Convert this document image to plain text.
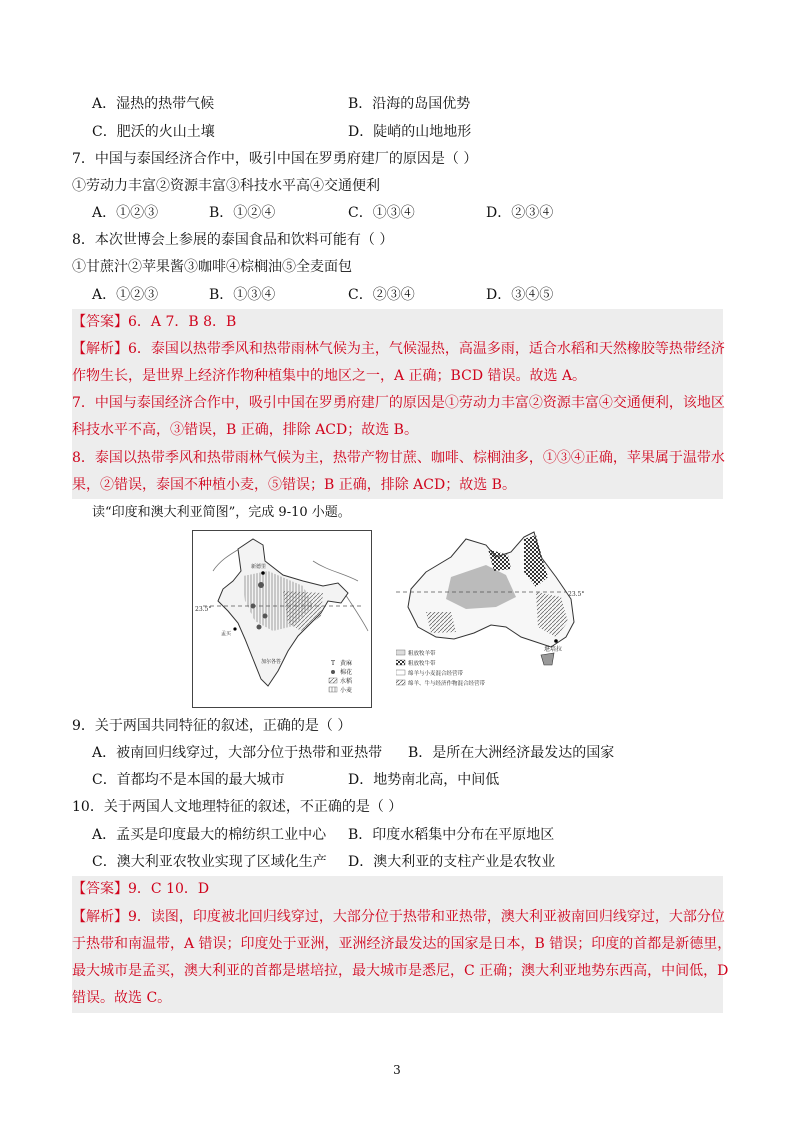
A．湿热的热带气候	B．沿海的岛国优势
C．肥沃的火山土壤	D．陡峭的山地地形
7．中国与泰国经济合作中，吸引中国在罗勇府建厂的原因是（ ）
①劳动力丰富②资源丰富③科技水平高④交通便利
A．①②③	B．①②④	C．①③④	D．②③④
8．本次世博会上参展的泰国食品和饮料可能有（ ）
①甘蔗汁②苹果酱③咖啡④棕榈油⑤全麦面包
A．①②③	B．①③④	C．②③④	D．③④⑤
【答案】6．A 7．B 8．B
【解析】6．泰国以热带季风和热带雨林气候为主，气候湿热，高温多雨，适合水稻和天然橡胶等热带经济
作物生长，是世界上经济作物种植集中的地区之一，A 正确；BCD 错误。故选 A。
7．中国与泰国经济合作中，吸引中国在罗勇府建厂的原因是①劳动力丰富②资源丰富④交通便利，该地区
科技水平不高，③错误，B 正确，排除 ACD；故选 B。
8．泰国以热带季风和热带雨林气候为主，热带产物甘蔗、咖啡、棕榈油多，①③④正确，苹果属于温带水
果，②错误，泰国不种植小麦，⑤错误；B 正确，排除 ACD；故选 B。
读“印度和澳大利亚简图”，完成 9-10 小题。
23.5°
新德里
孟买
加尔各答	T 黄麻
棉花
水稻
小麦
23.5°
堪培拉
粗放牧羊带
粗放牧牛带
绵羊与小麦混合经营带
绵羊、牛与经济作物混合经营带
9．关于两国共同特征的叙述，正确的是（ ）
A．被南回归线穿过，大部分位于热带和亚热带 B．是所在大洲经济最发达的国家
C．首都均不是本国的最大城市	D．地势南北高，中间低
10．关于两国人文地理特征的叙述，不正确的是（ ）
A．孟买是印度最大的棉纺织工业中心 B．印度水稻集中分布在平原地区
C．澳大利亚农牧业实现了区域化生产 D．澳大利亚的支柱产业是农牧业
【答案】9．C 10．D
【解析】9．读图，印度被北回归线穿过，大部分位于热带和亚热带，澳大利亚被南回归线穿过，大部分位
于热带和南温带，A 错误；印度处于亚洲，亚洲经济最发达的国家是日本，B 错误；印度的首都是新德里，
最大城市是孟买，澳大利亚的首都是堪培拉，最大城市是悉尼，C 正确；澳大利亚地势东西高，中间低，D
错误。故选 C。
3
